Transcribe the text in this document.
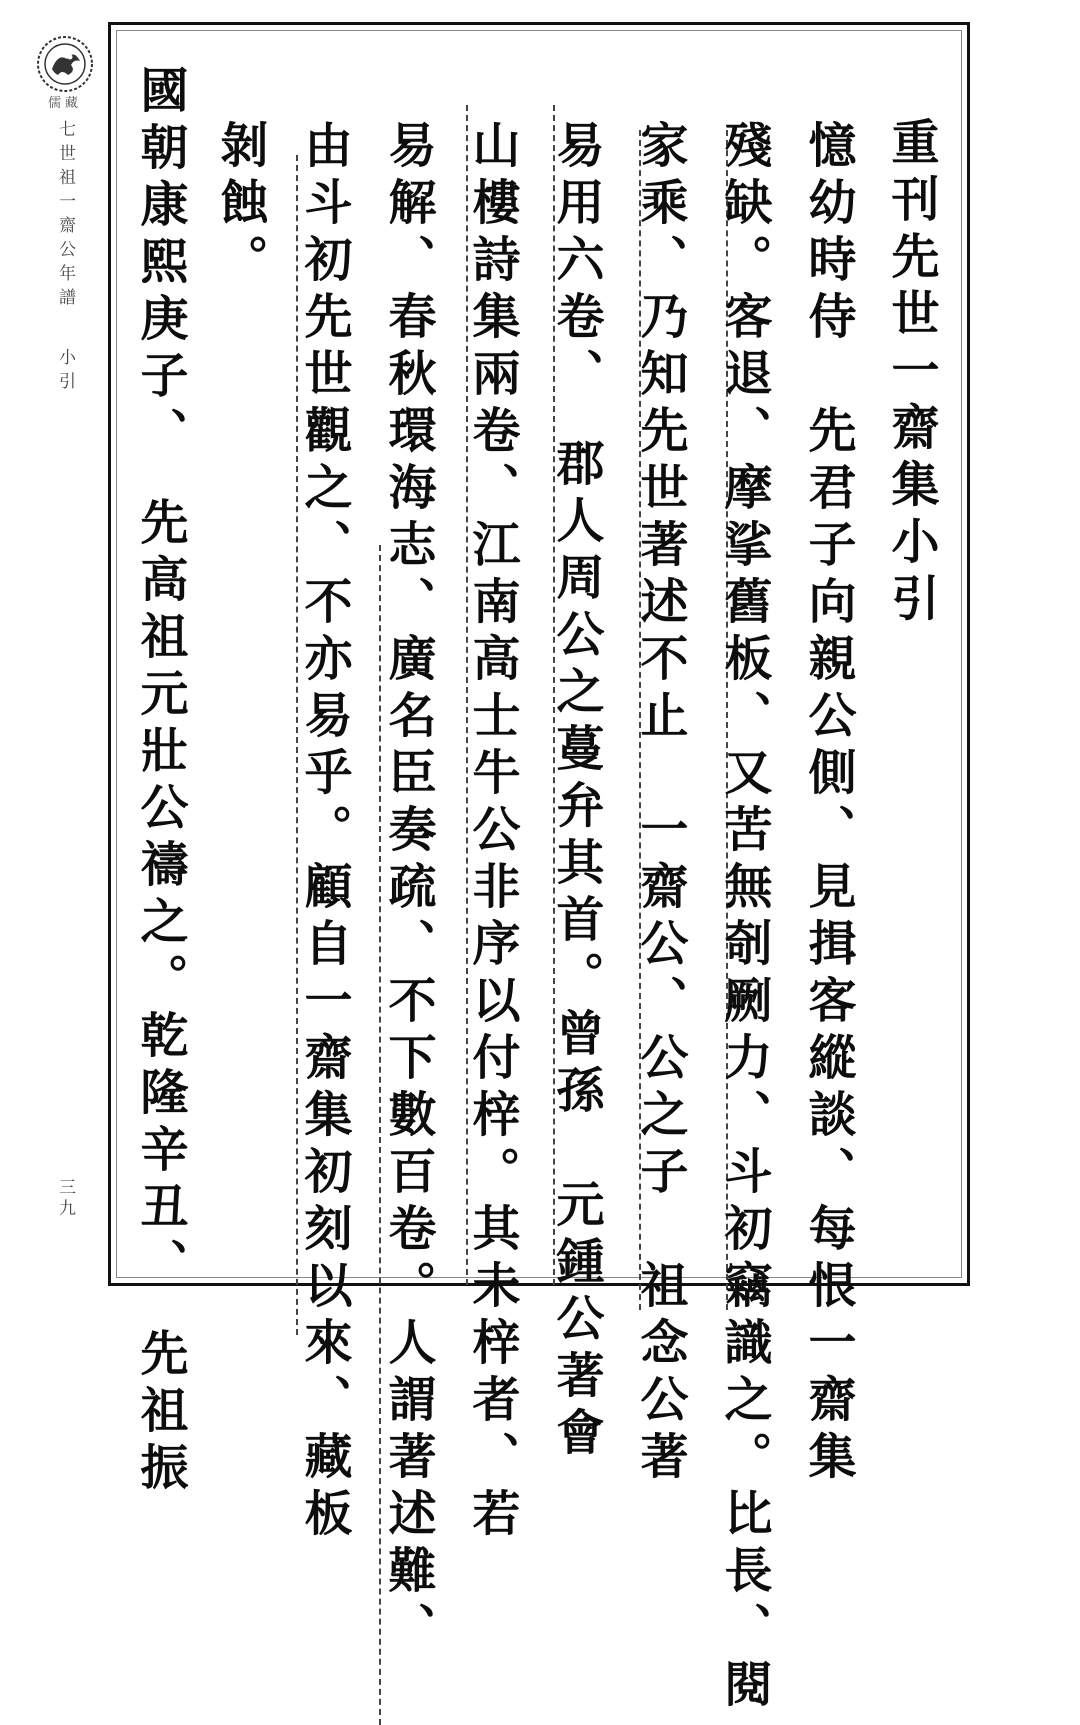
儒藏
七世祖一齋公年譜
小引
三九
重刊先世一齋集小引
憶幼時侍　先君子向親公側、見揖客縱談、每恨一齋集
殘缺。客退、摩挲舊板、又苦無剞劂力、斗初竊識之。比長、閱
家乘、乃知先世著述不止　一齋公、公之子　祖念公著
易用六卷、　郡人周公之蔓弁其首。曾孫　元鍾公著會
山樓詩集兩卷、江南高士牛公非序以付梓。其未梓者、若
易解、春秋環海志、廣名臣奏疏、不下數百卷。人謂著述難、
由斗初先世觀之、不亦易乎。顧自一齋集初刻以來、藏板
剝蝕。
國朝康熙庚子、　先高祖元壯公禱之。乾隆辛丑、　先祖振
